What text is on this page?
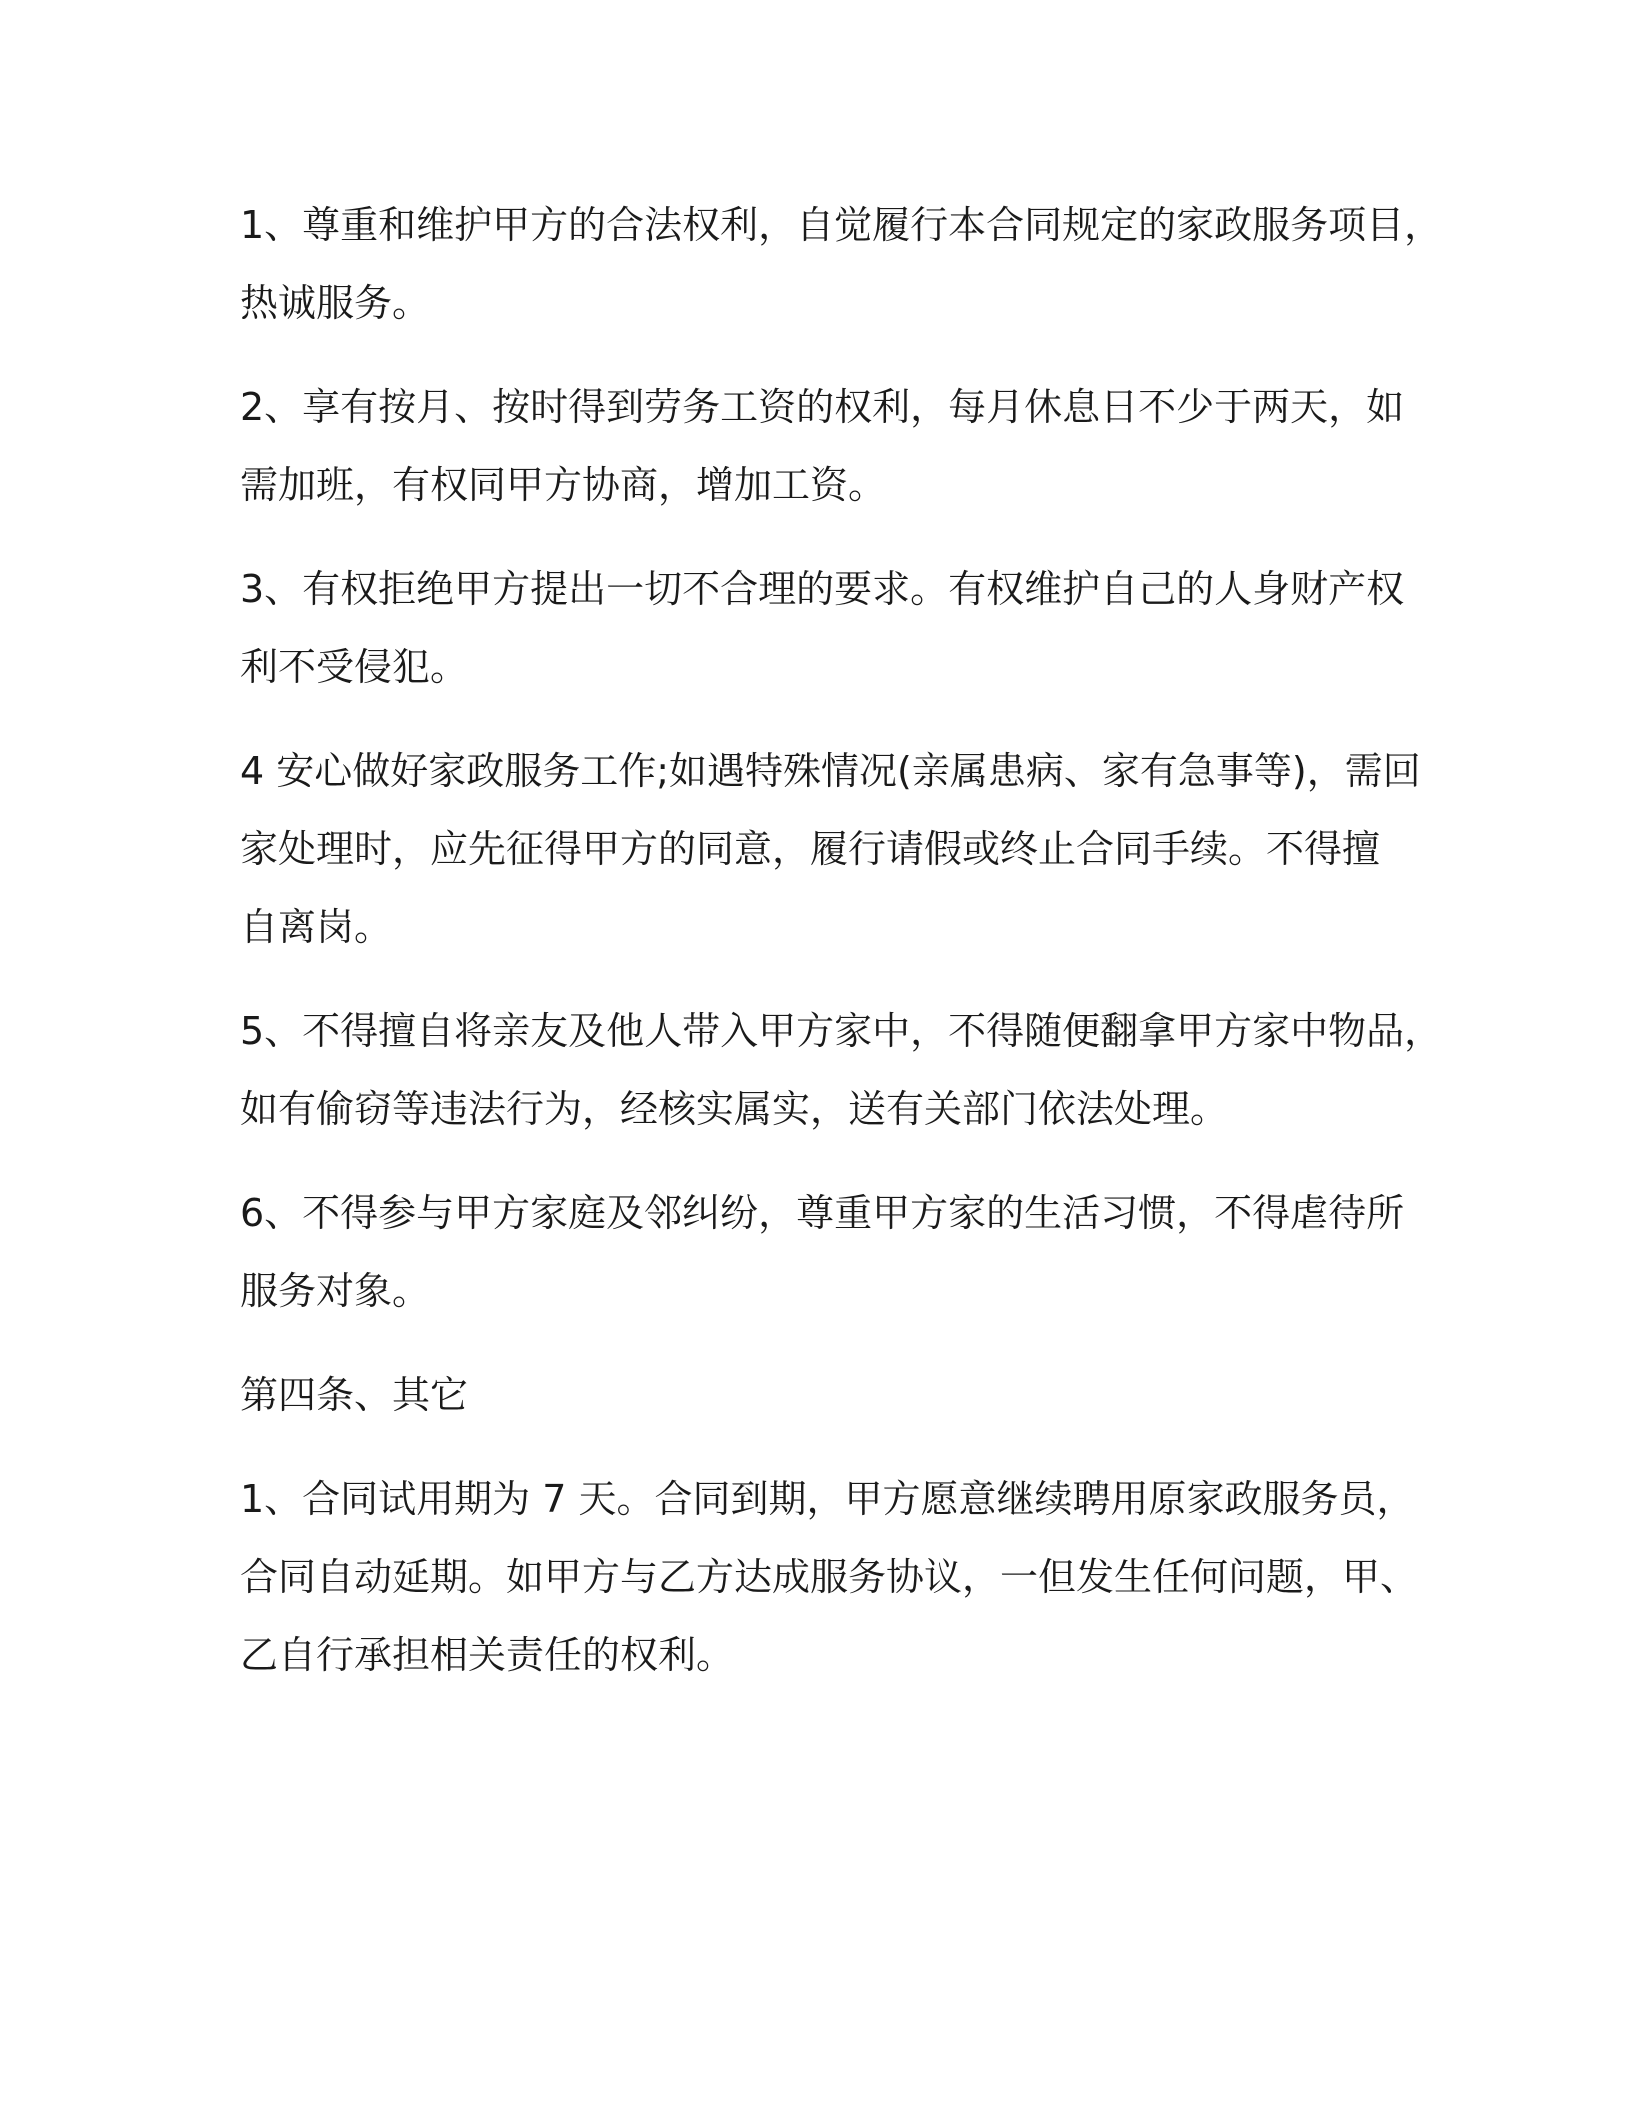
1、尊重和维护甲方的合法权利，自觉履行本合同规定的家政服务项目，
热诚服务。
2、享有按月、按时得到劳务工资的权利，每月休息日不少于两天，如
需加班，有权同甲方协商，增加工资。
3、有权拒绝甲方提出一切不合理的要求。有权维护自己的人身财产权
利不受侵犯。
4 安心做好家政服务工作;如遇特殊情况(亲属患病、家有急事等)，需回
家处理时，应先征得甲方的同意，履行请假或终止合同手续。不得擅
自离岗。
5、不得擅自将亲友及他人带入甲方家中，不得随便翻拿甲方家中物品，
如有偷窃等违法行为，经核实属实，送有关部门依法处理。
6、不得参与甲方家庭及邻纠纷，尊重甲方家的生活习惯，不得虐待所
服务对象。
第四条、其它
1、合同试用期为 7 天。合同到期，甲方愿意继续聘用原家政服务员，
合同自动延期。如甲方与乙方达成服务协议，一但发生任何问题，甲、
乙自行承担相关责任的权利。
